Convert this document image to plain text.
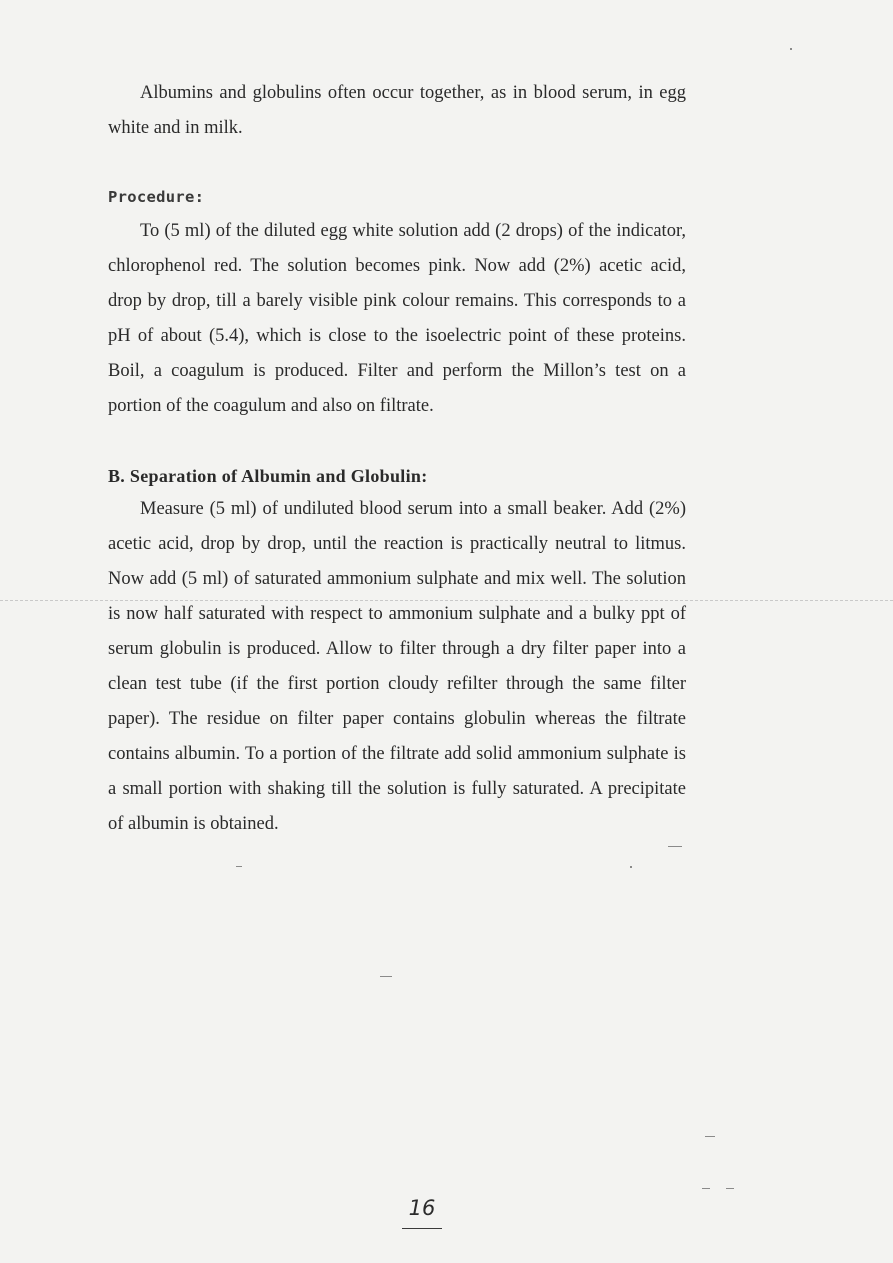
Albumins and globulins often occur together, as in blood serum, in egg white and in milk.

Procedure:

To (5 ml) of the diluted egg white solution add (2 drops) of the indicator, chlorophenol red. The solution becomes pink. Now add (2%) acetic acid, drop by drop, till a barely visible pink colour remains. This corresponds to a pH of about (5.4), which is close to the isoelectric point of these proteins. Boil, a coagulum is produced. Filter and perform the Millon’s test on a portion of the coagulum and also on filtrate.

B. Separation of Albumin and Globulin:

Measure (5 ml) of undiluted blood serum into a small beaker. Add (2%) acetic acid, drop by drop, until the reaction is practically neutral to litmus. Now add (5 ml) of saturated ammonium sulphate and mix well. The solution is now half saturated with respect to ammonium sulphate and a bulky ppt of serum globulin is produced. Allow to filter through a dry filter paper into a clean test tube (if the first portion cloudy refilter through the same filter paper). The residue on filter paper contains globulin whereas the filtrate contains albumin. To a portion of the filtrate add solid ammonium sulphate is a small portion with shaking till the solution is fully saturated. A precipitate of albumin is obtained.

16
